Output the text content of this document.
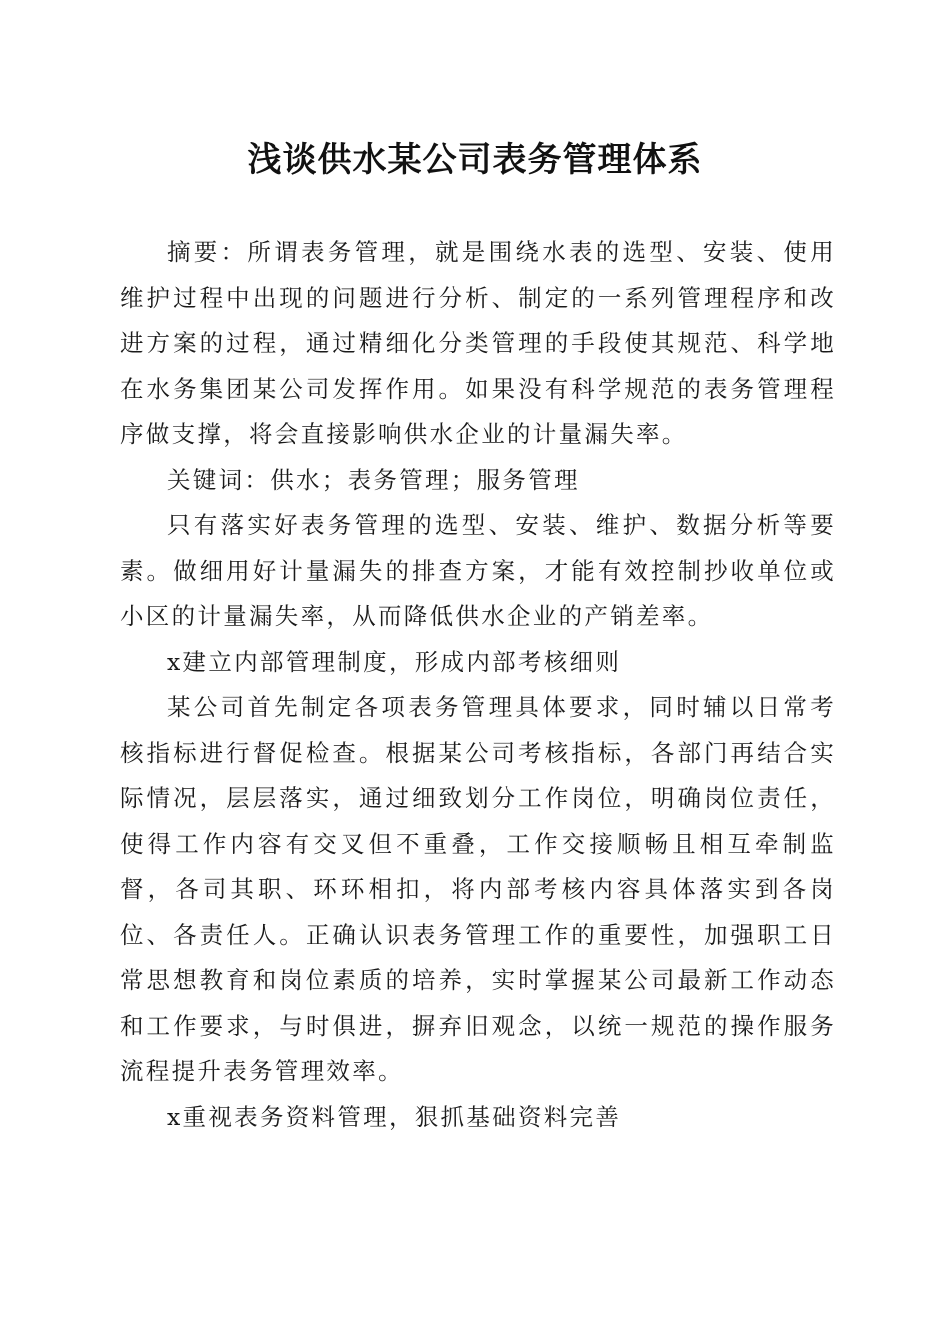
浅谈供水某公司表务管理体系

摘要：所谓表务管理，就是围绕水表的选型、安装、使用维护过程中出现的问题进行分析、制定的一系列管理程序和改进方案的过程，通过精细化分类管理的手段使其规范、科学地在水务集团某公司发挥作用。如果没有科学规范的表务管理程序做支撑，将会直接影响供水企业的计量漏失率。

关键词：供水；表务管理；服务管理

只有落实好表务管理的选型、安装、维护、数据分析等要素。做细用好计量漏失的排查方案，才能有效控制抄收单位或小区的计量漏失率，从而降低供水企业的产销差率。

x建立内部管理制度，形成内部考核细则

某公司首先制定各项表务管理具体要求，同时辅以日常考核指标进行督促检查。根据某公司考核指标，各部门再结合实际情况，层层落实，通过细致划分工作岗位，明确岗位责任，使得工作内容有交叉但不重叠，工作交接顺畅且相互牵制监督，各司其职、环环相扣，将内部考核内容具体落实到各岗位、各责任人。正确认识表务管理工作的重要性，加强职工日常思想教育和岗位素质的培养，实时掌握某公司最新工作动态和工作要求，与时俱进，摒弃旧观念，以统一规范的操作服务流程提升表务管理效率。

x重视表务资料管理，狠抓基础资料完善
